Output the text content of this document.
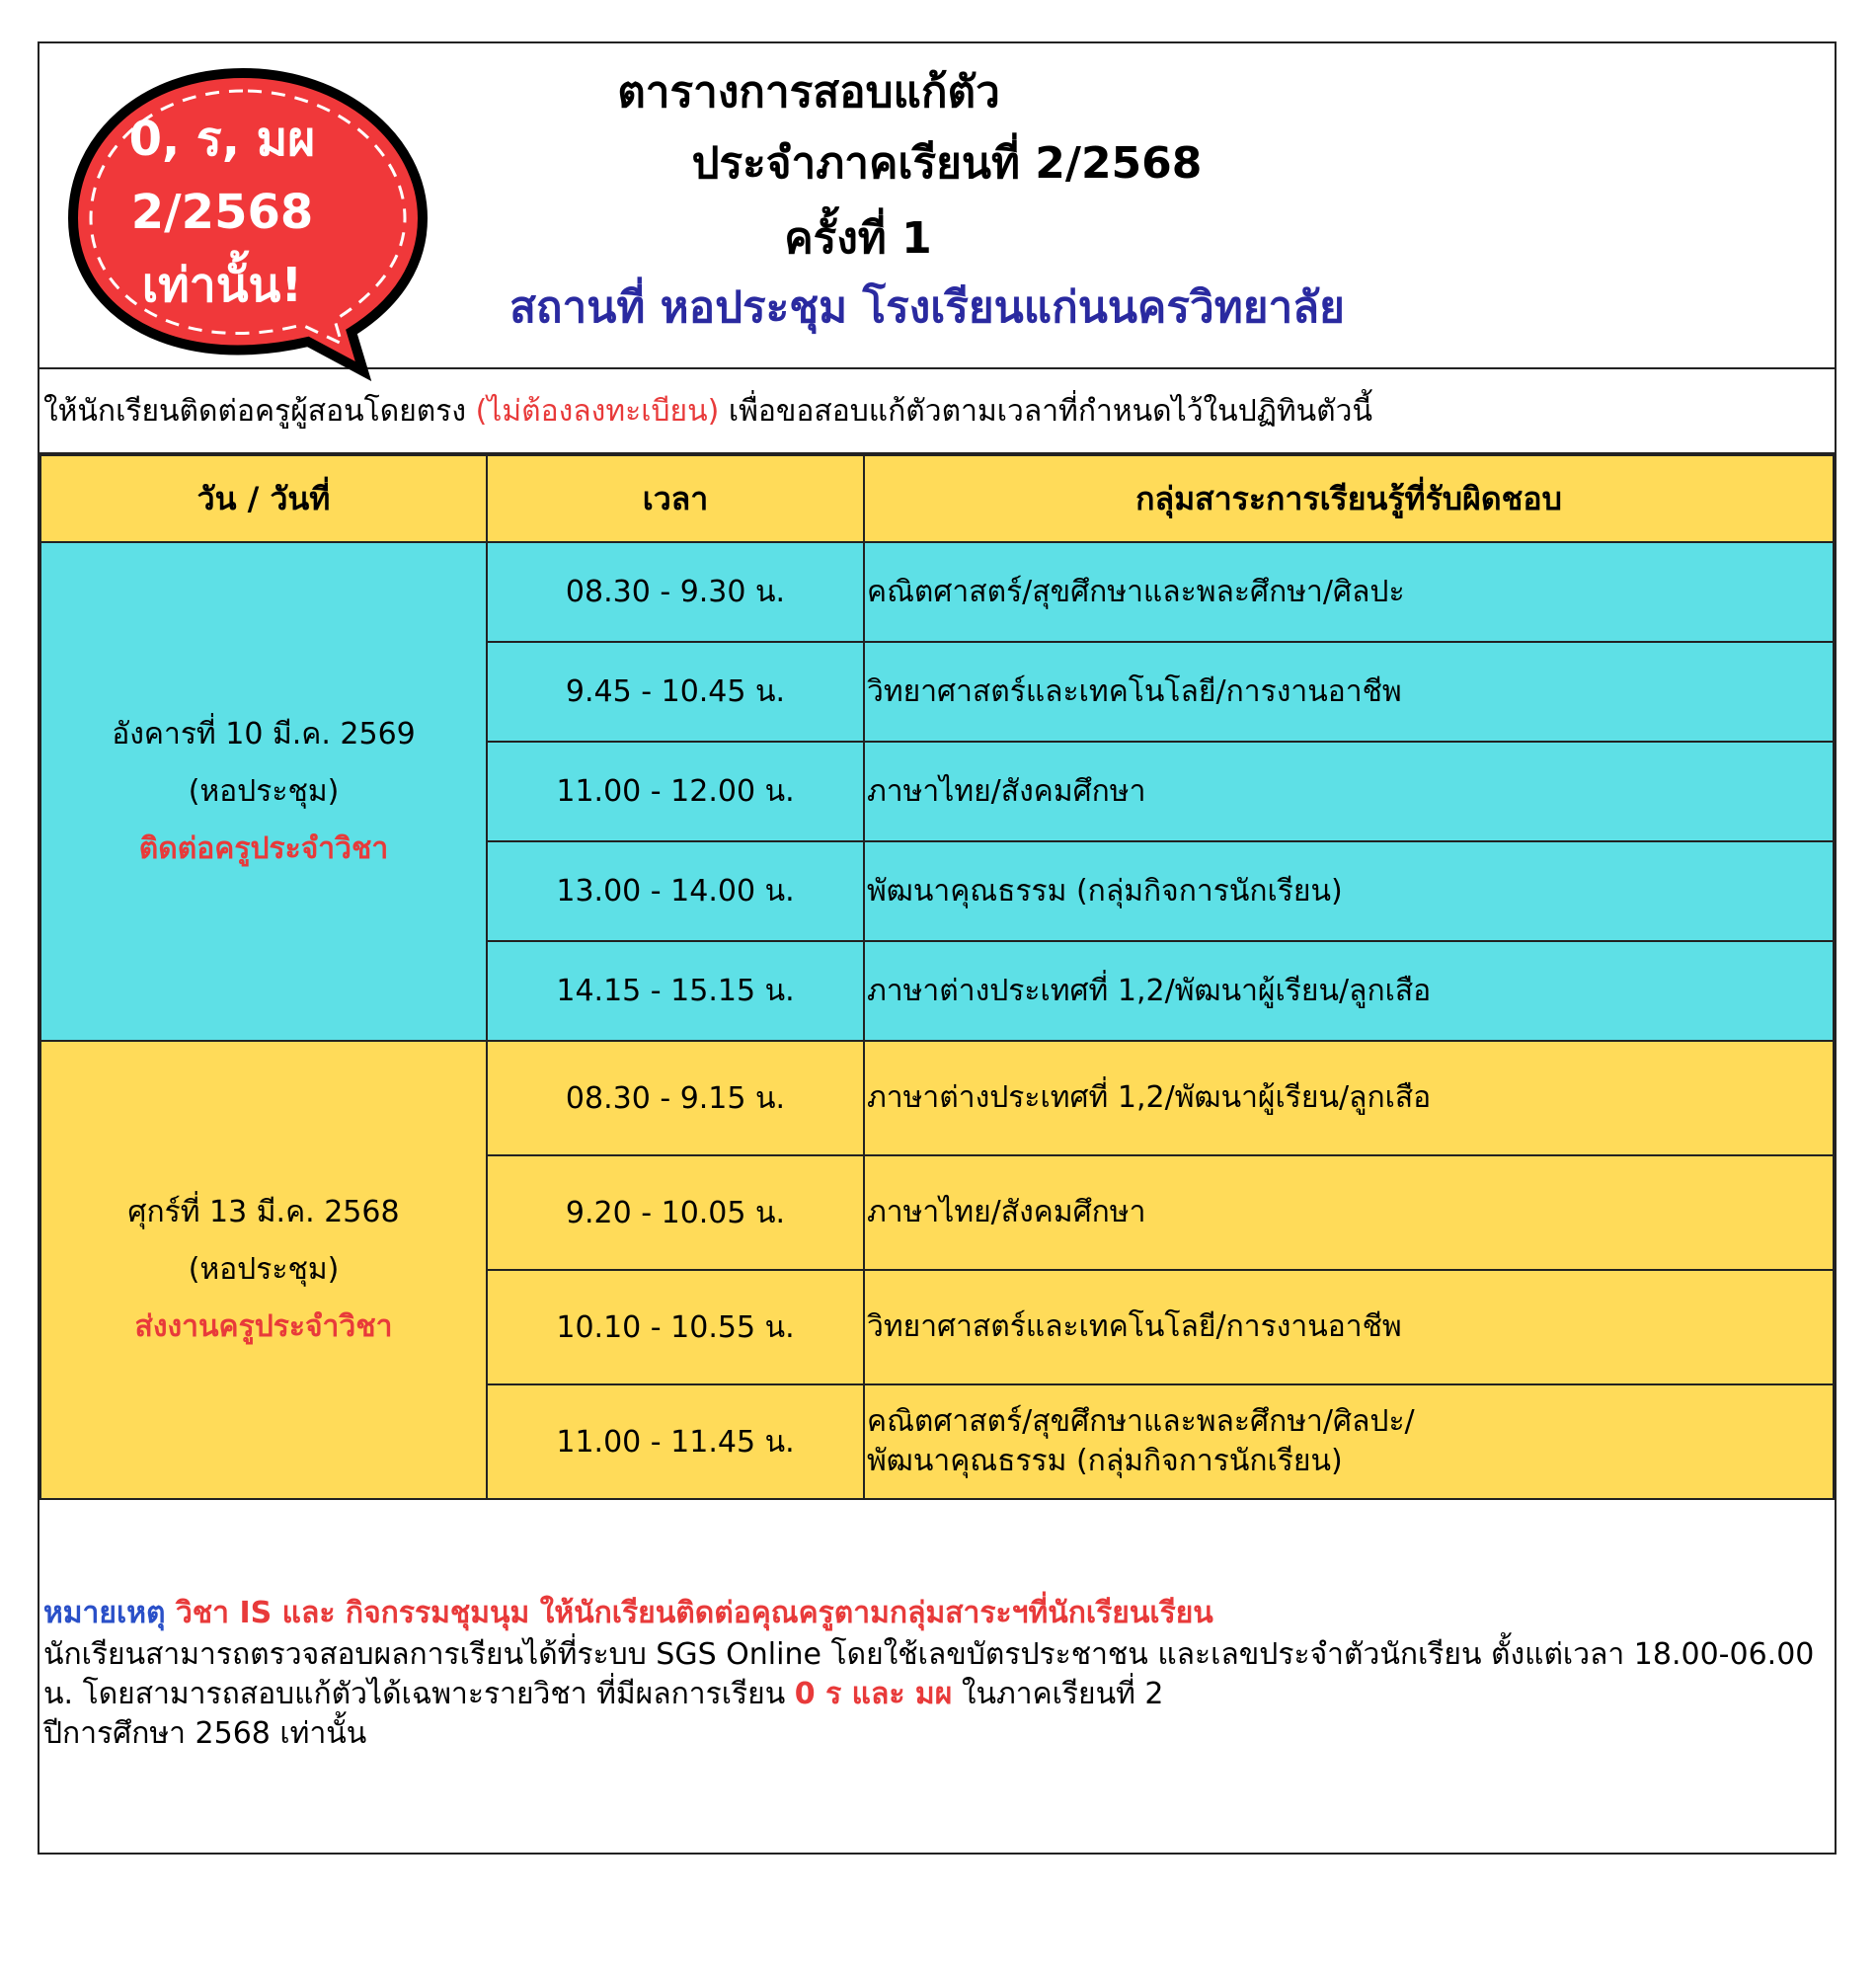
0, ร, มผ
2/2568
เท่านั้น!
ตารางการสอบแก้ตัว
ประจำภาคเรียนที่ 2/2568
ครั้งที่ 1
สถานที่ หอประชุม โรงเรียนแก่นนครวิทยาลัย
ให้นักเรียนติดต่อครูผู้สอนโดยตรง (ไม่ต้องลงทะเบียน) เพื่อขอสอบแก้ตัวตามเวลาที่กำหนดไว้ในปฏิทินตัวนี้
วัน / วันที่	เวลา	กลุ่มสาระการเรียนรู้ที่รับผิดชอบ

อังคารที่ 10 มี.ค. 2569
(หอประชุม)
ติดต่อครูประจำวิชา	08.30 - 9.30 น.	คณิตศาสตร์/สุขศึกษาและพละศึกษา/ศิลปะ
	9.45 - 10.45 น.	วิทยาศาสตร์และเทคโนโลยี/การงานอาชีพ
	11.00 - 12.00 น.	ภาษาไทย/สังคมศึกษา
	13.00 - 14.00 น.	พัฒนาคุณธรรม (กลุ่มกิจการนักเรียน)
	14.15 - 15.15 น.	ภาษาต่างประเทศที่ 1,2/พัฒนาผู้เรียน/ลูกเสือ

ศุกร์ที่ 13 มี.ค. 2568
(หอประชุม)
ส่งงานครูประจำวิชา	08.30 - 9.15 น.	ภาษาต่างประเทศที่ 1,2/พัฒนาผู้เรียน/ลูกเสือ
	9.20 - 10.05 น.	ภาษาไทย/สังคมศึกษา
	10.10 - 10.55 น.	วิทยาศาสตร์และเทคโนโลยี/การงานอาชีพ
	11.00 - 11.45 น.	คณิตศาสตร์/สุขศึกษาและพละศึกษา/ศิลปะ/
พัฒนาคุณธรรม (กลุ่มกิจการนักเรียน)
หมายเหตุ วิชา IS และ กิจกรรมชุมนุม ให้นักเรียนติดต่อคุณครูตามกลุ่มสาระฯที่นักเรียนเรียน
นักเรียนสามารถตรวจสอบผลการเรียนได้ที่ระบบ SGS Online โดยใช้เลขบัตรประชาชน และเลขประจำตัวนักเรียน ตั้งแต่เวลา 18.00-06.00 น. โดยสามารถสอบแก้ตัวได้เฉพาะรายวิชา ที่มีผลการเรียน 0 ร และ มผ ในภาคเรียนที่ 2
ปีการศึกษา 2568 เท่านั้น
